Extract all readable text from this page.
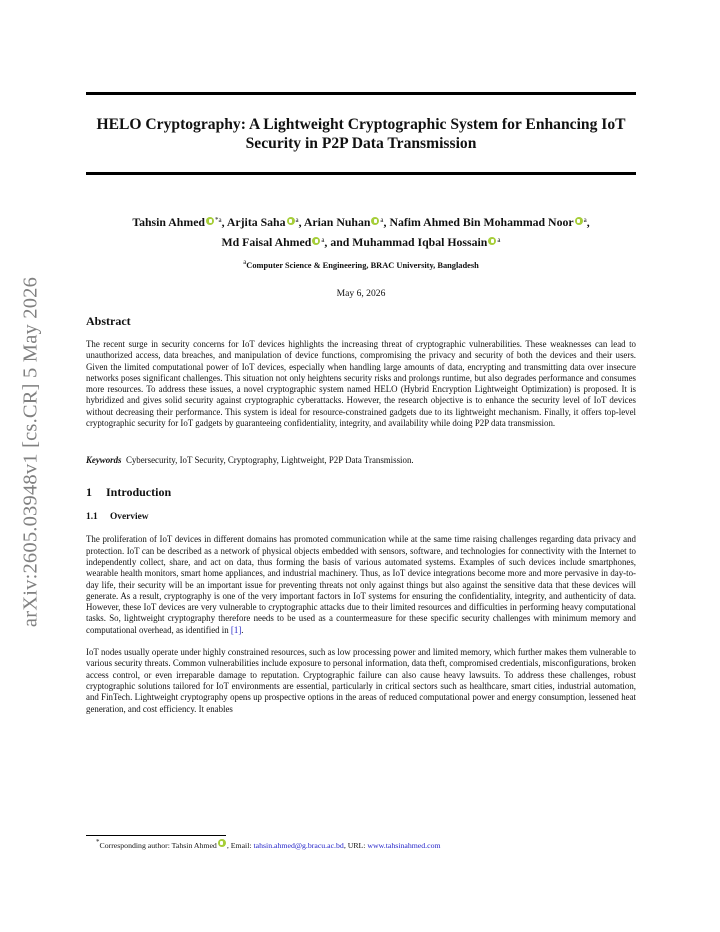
arXiv:2605.03948v1 [cs.CR] 5 May 2026
HELO Cryptography: A Lightweight Cryptographic System for Enhancing IoT Security in P2P Data Transmission
Tahsin Ahmed $^{*a}$, Arjita Saha $^a$, Arian Nuhan $^a$, Nafim Ahmed Bin Mohammad Noor $^a$,
Md Faisal Ahmed $^a$, and Muhammad Iqbal Hossain $^a$
$^a$Computer Science & Engineering, BRAC University, Bangladesh
May 6, 2026
Abstract
The recent surge in security concerns for IoT devices highlights the increasing threat of cryptographic vulnerabilities. These weaknesses can lead to unauthorized access, data breaches, and manipulation of device functions, compromising the privacy and security of both the devices and their users. Given the limited computational power of IoT devices, especially when handling large amounts of data, encrypting and transmitting data over insecure networks poses significant challenges. This situation not only heightens security risks and prolongs runtime, but also degrades performance and consumes more resources. To address these issues, a novel cryptographic system named HELO (Hybrid Encryption Lightweight Optimization) is proposed. It is hybridized and gives solid security against cryptographic cyberattacks. However, the research objective is to enhance the security level of IoT devices without decreasing their performance. This system is ideal for resource-constrained gadgets due to its lightweight mechanism. Finally, it offers top-level cryptographic security for IoT gadgets by guaranteeing confidentiality, integrity, and availability while doing P2P data transmission.
Keywords Cybersecurity, IoT Security, Cryptography, Lightweight, P2P Data Transmission.
1 Introduction
1.1 Overview
The proliferation of IoT devices in different domains has promoted communication while at the same time raising challenges regarding data privacy and protection. IoT can be described as a network of physical objects embedded with sensors, software, and technologies for connectivity with the Internet to independently collect, share, and act on data, thus forming the basis of various automated systems. Examples of such devices include smartphones, wearable health monitors, smart home appliances, and industrial machinery. Thus, as IoT device integrations become more and more pervasive in day-to-day life, their security will be an important issue for preventing threats not only against things but also against the sensitive data that these devices will generate. As a result, cryptography is one of the very important factors in IoT systems for ensuring the confidentiality, integrity, and authenticity of data. However, these IoT devices are very vulnerable to cryptographic attacks due to their limited resources and difficulties in performing heavy computational tasks. So, lightweight cryptography therefore needs to be used as a countermeasure for these specific security challenges with minimum memory and computational overhead, as identified in [1].
IoT nodes usually operate under highly constrained resources, such as low processing power and limited memory, which further makes them vulnerable to various security threats. Common vulnerabilities include exposure to personal information, data theft, compromised credentials, misconfigurations, broken access control, or even irreparable damage to reputation. Cryptographic failure can also cause heavy lawsuits. To address these challenges, robust cryptographic solutions tailored for IoT environments are essential, particularly in critical sectors such as healthcare, smart cities, industrial automation, and FinTech. Lightweight cryptography opens up prospective options in the areas of reduced computational power and energy consumption, lessened heat generation, and cost efficiency. It enables
*Corresponding author: Tahsin Ahmed , Email: tahsin.ahmed@g.bracu.ac.bd, URL: www.tahsinahmed.com
